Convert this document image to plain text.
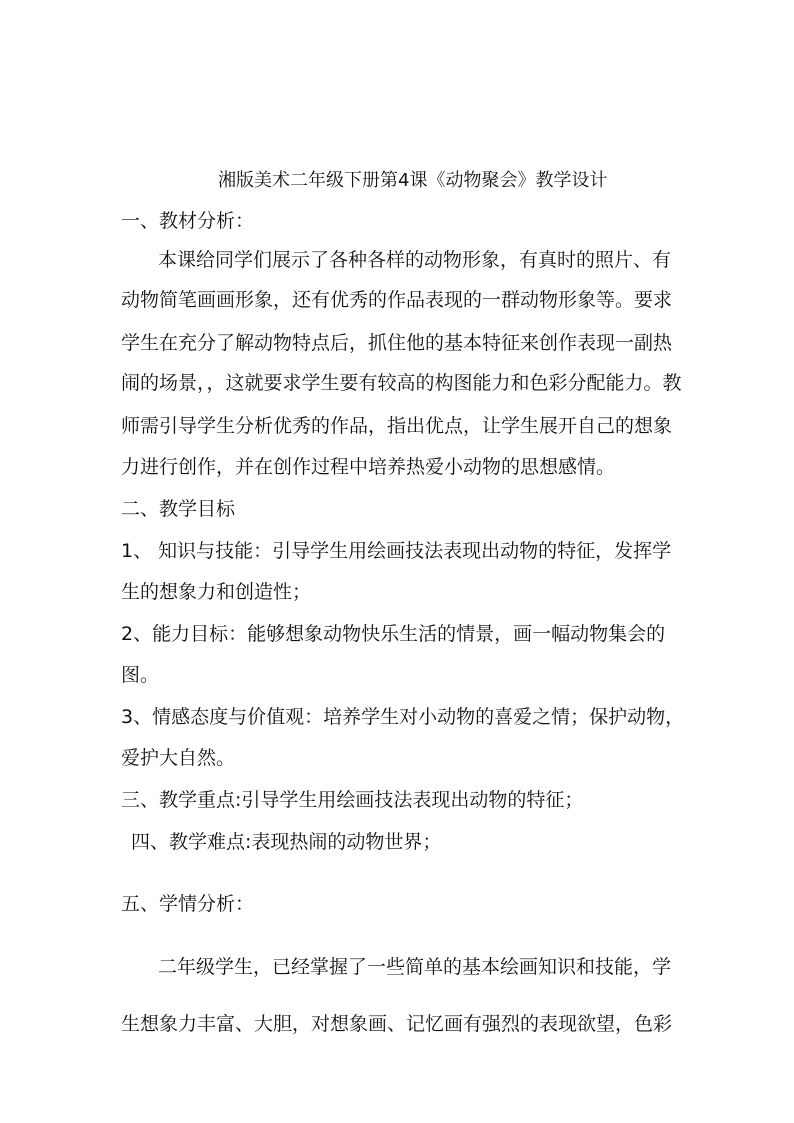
湘版美术二年级下册第4课《动物聚会》教学设计
一、教材分析：
本课给同学们展示了各种各样的动物形象，有真时的照片、有
动物简笔画画形象，还有优秀的作品表现的一群动物形象等。要求
学生在充分了解动物特点后，抓住他的基本特征来创作表现一副热
闹的场景，，这就要求学生要有较高的构图能力和色彩分配能力。教
师需引导学生分析优秀的作品，指出优点，让学生展开自己的想象
力进行创作，并在创作过程中培养热爱小动物的思想感情。
二、教学目标
1、 知识与技能：引导学生用绘画技法表现出动物的特征，发挥学
生的想象力和创造性；
2、能力目标：能够想象动物快乐生活的情景，画一幅动物集会的
图。
3、情感态度与价值观：培养学生对小动物的喜爱之情；保护动物，
爱护大自然。
三、教学重点:引导学生用绘画技法表现出动物的特征；
四、教学难点:表现热闹的动物世界；
五、学情分析：
二年级学生，已经掌握了一些简单的基本绘画知识和技能，学
生想象力丰富、大胆，对想象画、记忆画有强烈的表现欲望，色彩
